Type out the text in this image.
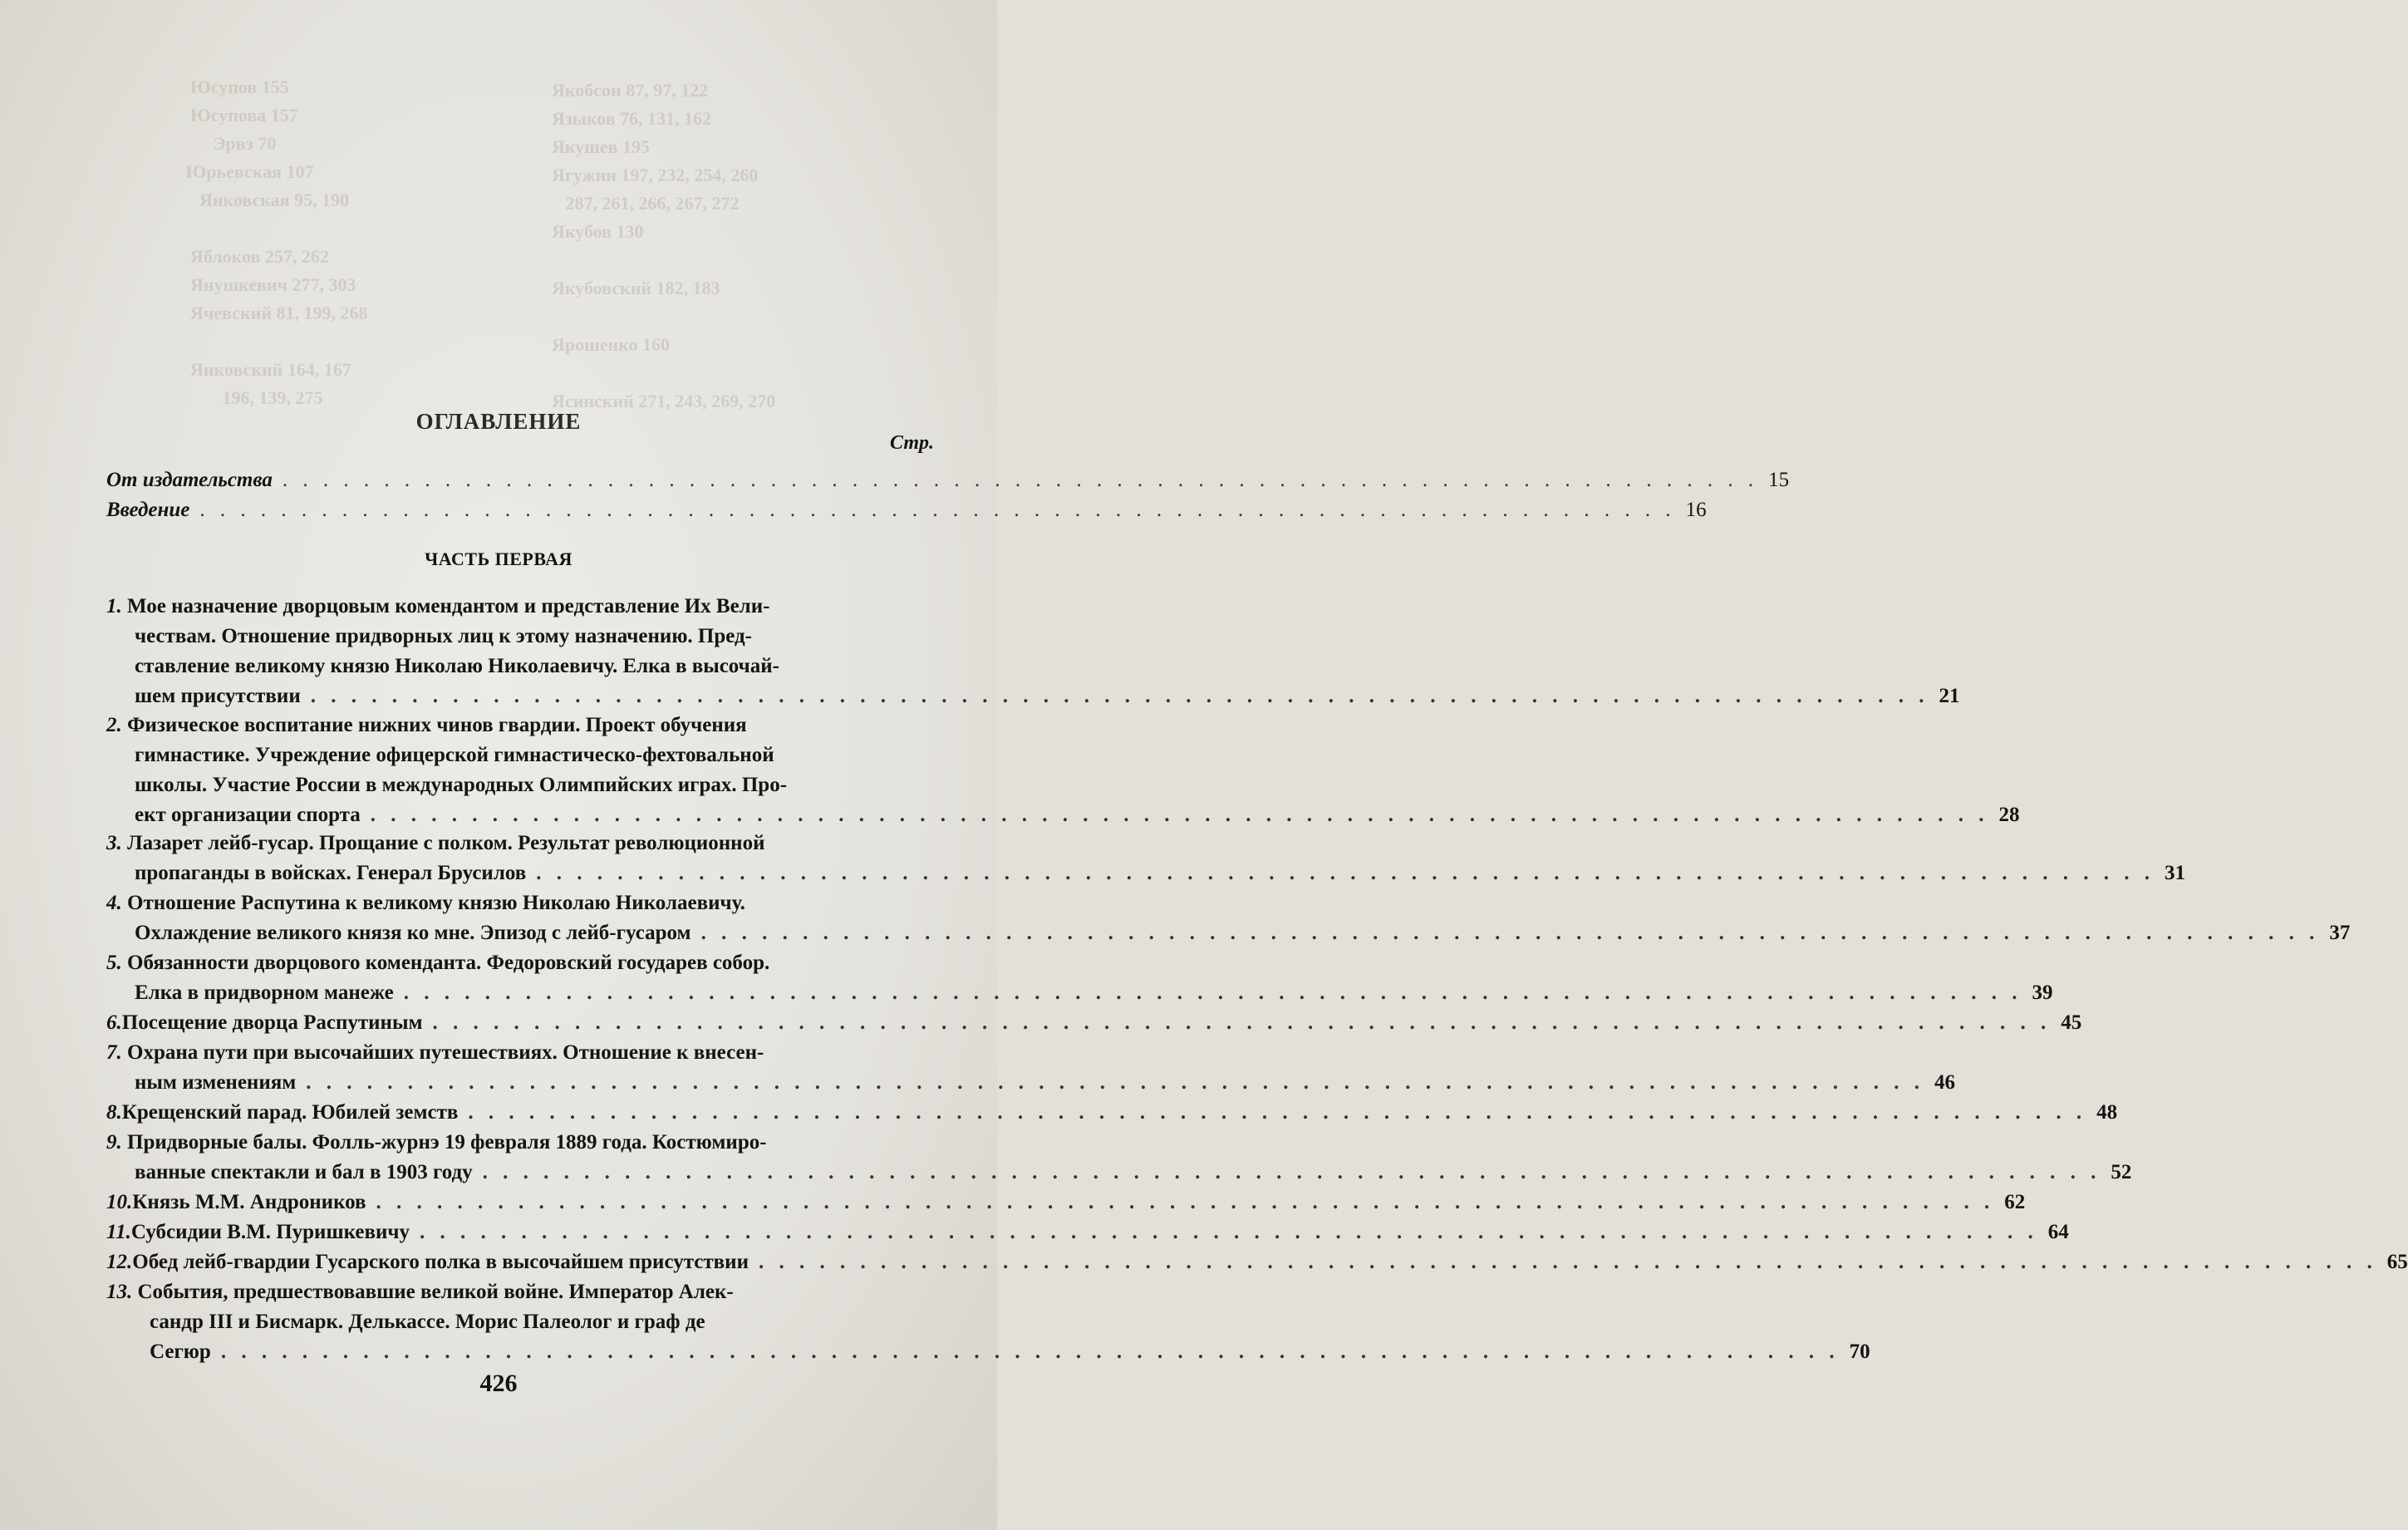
Юсупов 155
Юсупова 157
Эрвэ 70
Юрьевская 107
Янковская 95, 190

Яблоков 257, 262
Янушкевич 277, 303
Ячевский 81, 199, 268

Янковский 164, 167
196, 139, 275
Якобсон 87, 97, 122
Языков 76, 131, 162
Якушев 195
Ягужин 197, 232, 254, 260
287, 261, 266, 267, 272
Якубов 130

Якубовский 182, 183

Ярошенко 160

Ясинский 271, 243, 269, 270
ОГЛАВЛЕНИЕ
Стр.
От издательства . . . . . . . . . . . . . . . . . . . . . . . . . . . . . . . . . . . . . . . . . . . . . . . . . . . . . . . . . . . . . . . . . . . . . . . . . 15
Введение . . . . . . . . . . . . . . . . . . . . . . . . . . . . . . . . . . . . . . . . . . . . . . . . . . . . . . . . . . . . . . . . . . . . . . . . . 16
ЧАСТЬ ПЕРВАЯ
1. Мое назначение дворцовым комендантом и представление Их Вели-
чествам. Отношение придворных лиц к этому назначению. Пред-
ставление великому князю Николаю Николаевичу. Елка в высочай-
шем присутствии . . . . . . . . . . . . . . . . . . . . . . . . . . . . . . . . . . . . . . . . . . . . . . . . . . . . . . . . . . . . . . . . . . . . . . . . . . . . . . . . 21
2. Физическое воспитание нижних чинов гвардии. Проект обучения
гимнастике. Учреждение офицерской гимнастическо-фехтовальной
школы. Участие России в международных Олимпийских играх. Про-
ект организации спорта . . . . . . . . . . . . . . . . . . . . . . . . . . . . . . . . . . . . . . . . . . . . . . . . . . . . . . . . . . . . . . . . . . . . . . . . . . . . . . . . 28
3. Лазарет лейб-гусар. Прощание с полком. Результат революционной
пропаганды в войсках. Генерал Брусилов . . . . . . . . . . . . . . . . . . . . . . . . . . . . . . . . . . . . . . . . . . . . . . . . . . . . . . . . . . . . . . . . . . . . . . . . . . . . . . . . 31
4. Отношение Распутина к великому князю Николаю Николаевичу.
Охлаждение великого князя ко мне. Эпизод с лейб-гусаром . . . . . . . . . . . . . . . . . . . . . . . . . . . . . . . . . . . . . . . . . . . . . . . . . . . . . . . . . . . . . . . . . . . . . . . . . . . . . . . . 37
5. Обязанности дворцового коменданта. Федоровский государев собор.
Елка в придворном манеже . . . . . . . . . . . . . . . . . . . . . . . . . . . . . . . . . . . . . . . . . . . . . . . . . . . . . . . . . . . . . . . . . . . . . . . . . . . . . . . . 39
6. Посещение дворца Распутиным . . . . . . . . . . . . . . . . . . . . . . . . . . . . . . . . . . . . . . . . . . . . . . . . . . . . . . . . . . . . . . . . . . . . . . . . . . . . . . . . 45
7. Охрана пути при высочайших путешествиях. Отношение к внесен-
ным изменениям . . . . . . . . . . . . . . . . . . . . . . . . . . . . . . . . . . . . . . . . . . . . . . . . . . . . . . . . . . . . . . . . . . . . . . . . . . . . . . . . 46
8. Крещенский парад. Юбилей земств . . . . . . . . . . . . . . . . . . . . . . . . . . . . . . . . . . . . . . . . . . . . . . . . . . . . . . . . . . . . . . . . . . . . . . . . . . . . . . . . 48
9. Придворные балы. Фолль-журнэ 19 февраля 1889 года. Костюмиро-
ванные спектакли и бал в 1903 году . . . . . . . . . . . . . . . . . . . . . . . . . . . . . . . . . . . . . . . . . . . . . . . . . . . . . . . . . . . . . . . . . . . . . . . . . . . . . . . . 52
10. Князь М.М. Андроников . . . . . . . . . . . . . . . . . . . . . . . . . . . . . . . . . . . . . . . . . . . . . . . . . . . . . . . . . . . . . . . . . . . . . . . . . . . . . . . . 62
11. Субсидии В.М. Пуришкевичу . . . . . . . . . . . . . . . . . . . . . . . . . . . . . . . . . . . . . . . . . . . . . . . . . . . . . . . . . . . . . . . . . . . . . . . . . . . . . . . . 64
12. Обед лейб-гвардии Гусарского полка в высочайшем присутствии . . . . . . . . . . . . . . . . . . . . . . . . . . . . . . . . . . . . . . . . . . . . . . . . . . . . . . . . . . . . . . . . . . . . . . . . . . . . . . . . 65
13. События, предшествовавшие великой войне. Император Алек-
сандр III и Бисмарк. Делькассе. Морис Палеолог и граф де
Сегюр . . . . . . . . . . . . . . . . . . . . . . . . . . . . . . . . . . . . . . . . . . . . . . . . . . . . . . . . . . . . . . . . . . . . . . . . . . . . . . . . 70
426
